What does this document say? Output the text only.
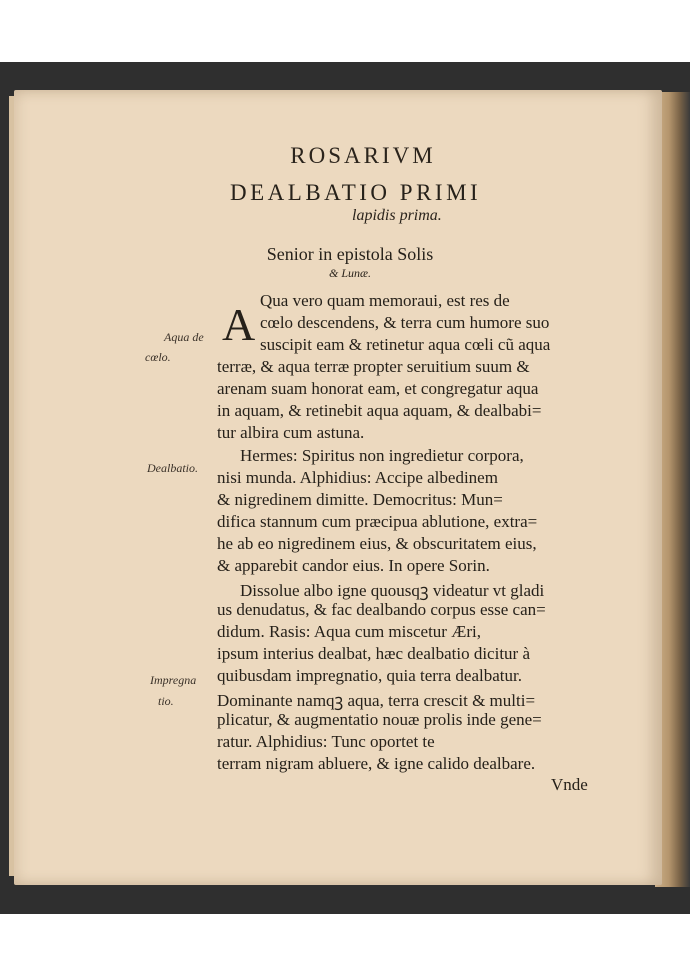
ROSARIVM
DEALBATIO PRIMI
lapidis prima.
Senior in epistola Solis
& Lunæ.
A
Aqua de
cœlo.
Dealbatio.
Impregna
tio.
Qua vero quam memoraui, est res de
cœlo descendens, & terra cum humore suo
suscipit eam & retinetur aqua cœli cũ aqua
terræ, & aqua terræ propter seruitium suum &
arenam suam honorat eam, et congregatur aqua
in aquam, & retinebit aqua aquam, & dealbabi=
tur albira cum astuna.
Hermes: Spiritus non ingredietur corpora,
nisi munda. Alphidius: Accipe albedinem
& nigredinem dimitte. Democritus: Mun=
difica stannum cum præcipua ablutione, extra=
he ab eo nigredinem eius, & obscuritatem eius,
& apparebit candor eius. In opere Sorin.
Dissolue albo igne quousqꝫ videatur vt gladi
us denudatus, & fac dealbando corpus esse can=
didum. Rasis: Aqua cum miscetur Æri,
ipsum interius dealbat, hæc dealbatio dicitur à
quibusdam impregnatio, quia terra dealbatur.
Dominante namqꝫ aqua, terra crescit & multi=
plicatur, & augmentatio nouæ prolis inde gene=
ratur. Alphidius: Tunc oportet te
terram nigram abluere, & igne calido dealbare.
Vnde
